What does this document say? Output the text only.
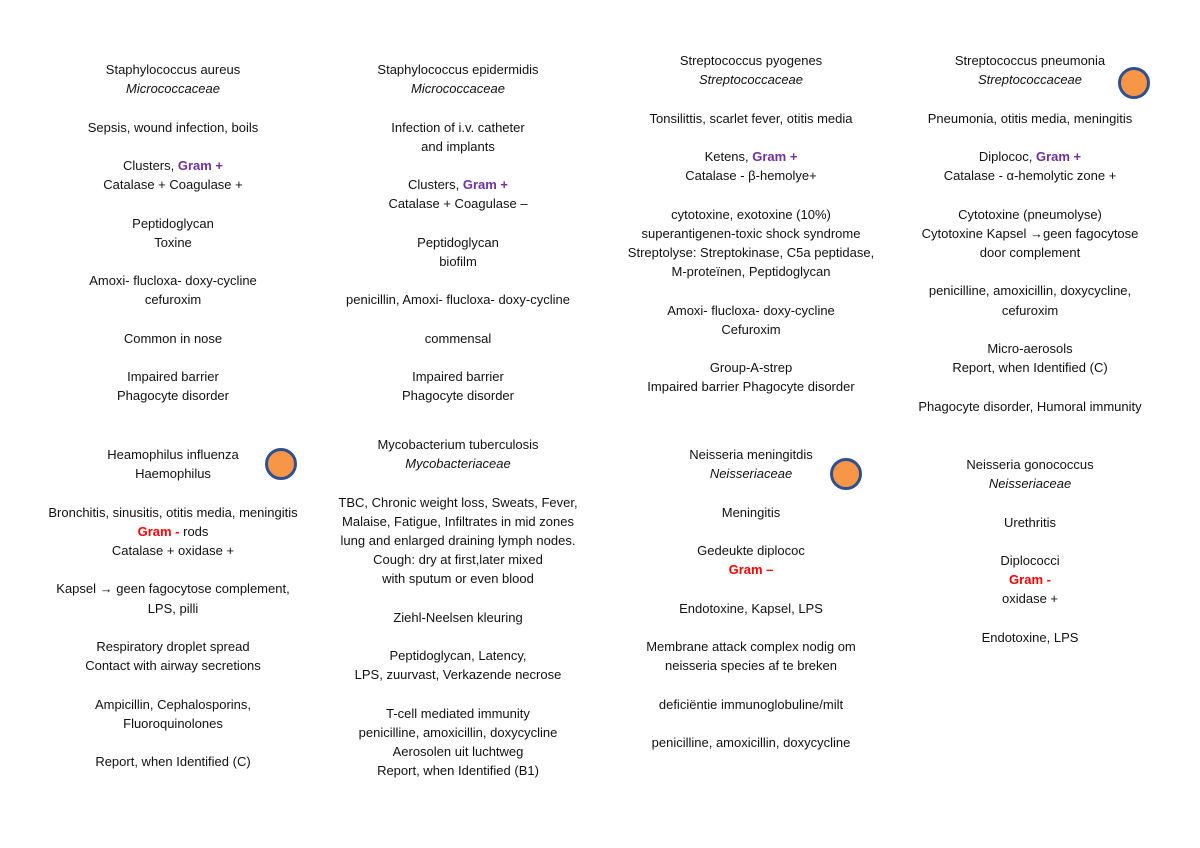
Staphylococcus aureus
Micrococcaceae
Sepsis, wound infection, boils
Clusters, Gram +
Catalase + Coagulase +
Peptidoglycan
Toxine
Amoxi- flucloxa- doxy-cycline
cefuroxim
Common in nose
Impaired barrier
Phagocyte disorder
Staphylococcus epidermidis
Micrococcaceae
Infection of i.v. catheter
and implants
Clusters, Gram +
Catalase + Coagulase –
Peptidoglycan
biofilm
penicillin, Amoxi- flucloxa- doxy-cycline
commensal
Impaired barrier
Phagocyte disorder
Streptococcus pyogenes
Streptococcaceae
Tonsilittis, scarlet fever, otitis media
Ketens, Gram +
Catalase - β-hemolye+
cytotoxine, exotoxine (10%)
superantigenen-toxic shock syndrome
Streptolyse: Streptokinase, C5a peptidase,
M-proteïnen, Peptidoglycan
Amoxi- flucloxa- doxy-cycline
Cefuroxim
Group-A-strep
Impaired barrier Phagocyte disorder
Streptococcus pneumonia
Streptococcaceae
Pneumonia, otitis media, meningitis
Diplococ, Gram +
Catalase - α-hemolytic zone +
Cytotoxine (pneumolyse)
Cytotoxine Kapsel →geen fagocytose
door complement
penicilline, amoxicillin, doxycycline,
cefuroxim
Micro-aerosols
Report, when Identified (C)
Phagocyte disorder, Humoral immunity
Heamophilus influenza
Haemophilus
Bronchitis, sinusitis, otitis media, meningitis
Gram - rods
Catalase + oxidase +
Kapsel → geen fagocytose complement,
LPS, pilli
Respiratory droplet spread
Contact with airway secretions
Ampicillin, Cephalosporins,
Fluoroquinolones
Report, when Identified (C)
Mycobacterium tuberculosis
Mycobacteriaceae
TBC, Chronic weight loss, Sweats, Fever,
Malaise, Fatigue, Infiltrates in mid zones
lung and enlarged draining lymph nodes.
Cough: dry at first,later mixed
with sputum or even blood
Ziehl-Neelsen kleuring
Peptidoglycan, Latency,
LPS, zuurvast, Verkazende necrose
T-cell mediated immunity
penicilline, amoxicillin, doxycycline
Aerosolen uit luchtweg
Report, when Identified (B1)
Neisseria meningitdis
Neisseriaceae
Meningitis
Gedeukte diplococ
Gram –
Endotoxine, Kapsel, LPS
Membrane attack complex nodig om
neisseria species af te breken
deficiëntie immunoglobuline/milt
penicilline, amoxicillin, doxycycline
Neisseria gonococcus
Neisseriaceae
Urethritis
Diplococci
Gram -
oxidase +
Endotoxine, LPS
